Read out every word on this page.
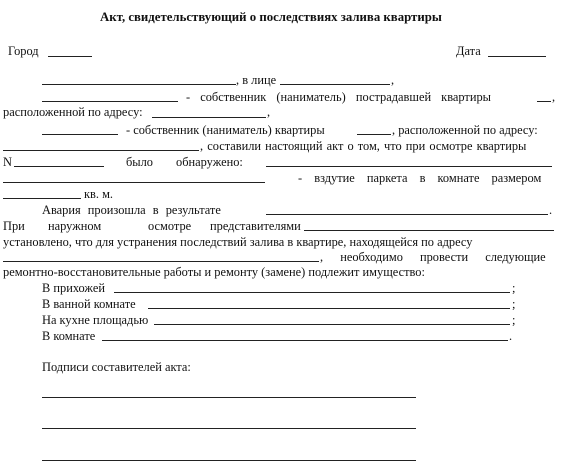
Акт, свидетельствующий о последствиях залива квартиры
Город	Дата
, в лице	,
- собственник (наниматель) пострадавшей квартиры	,
расположенной по адресу:	,
- собственник (наниматель) квартиры	, расположенной по адресу:
, составили настоящий акт о том, что при осмотре квартиры
N	было обнаружено:
- вздутие паркета в комнате размером
кв. м.
Авария произошла в результате	.
При наружном	осмотре представителями
установлено, что для устранения последствий залива в квартире, находящейся по адресу
, необходимо провести следующие
ремонтно-восстановительные работы и ремонту (замене) подлежит имущество:
В прихожей	;
В ванной комнате	;
На кухне площадью	;
В комнате	.
Подписи составителей акта:
